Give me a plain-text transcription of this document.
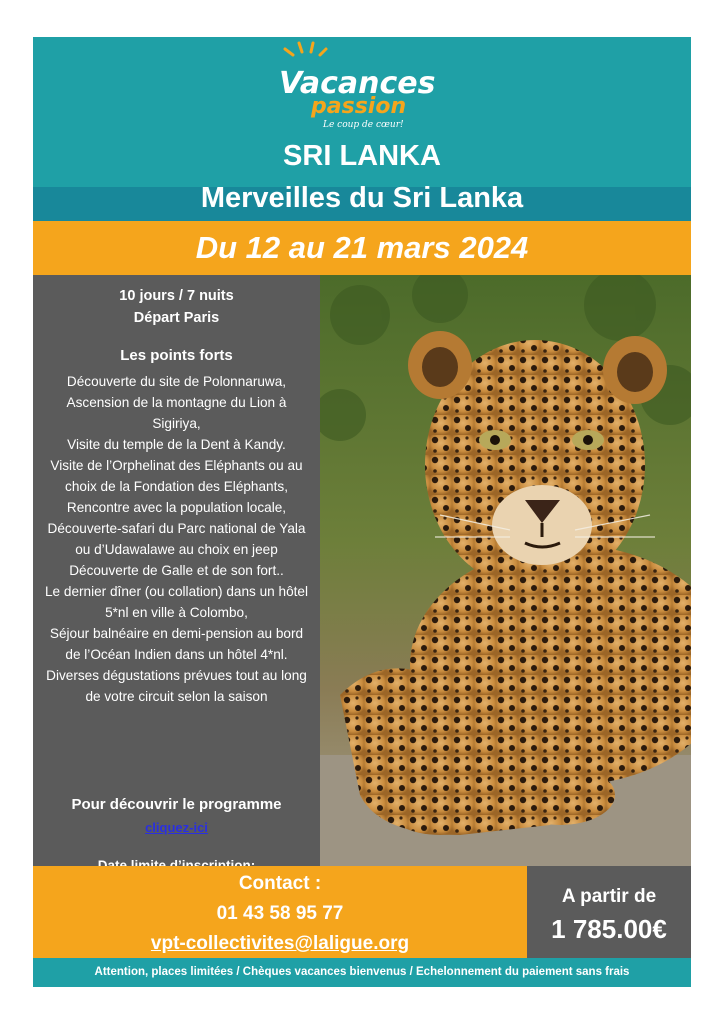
Vacances
passion
Le coup de cœur!
SRI LANKA
Merveilles du Sri Lanka
Du 12 au 21 mars 2024
10 jours / 7 nuits
Départ Paris
Les points forts
Découverte du site de Polonnaruwa,
Ascension de la montagne du Lion à Sigiriya,
Visite du temple de la Dent à Kandy.
Visite de l’Orphelinat des Eléphants ou au choix de la Fondation des Eléphants,
Rencontre avec la population locale,
Découverte-safari du Parc national de Yala ou d’Udawalawe au choix en jeep
Découverte de Galle et de son fort..
Le dernier dîner (ou collation) dans un hôtel 5*nl en ville à Colombo,
Séjour balnéaire en demi-pension au bord de l’Océan Indien dans un hôtel 4*nl.
Diverses dégustations prévues tout au long de votre circuit selon la saison
Pour découvrir le programme
cliquez-ici
Contact :
01 43 58 95 77
vpt-collectivites@laligue.org
A partir de
1 785.00€
Attention, places limitées / Chèques vacances bienvenus / Echelonnement du paiement sans frais
